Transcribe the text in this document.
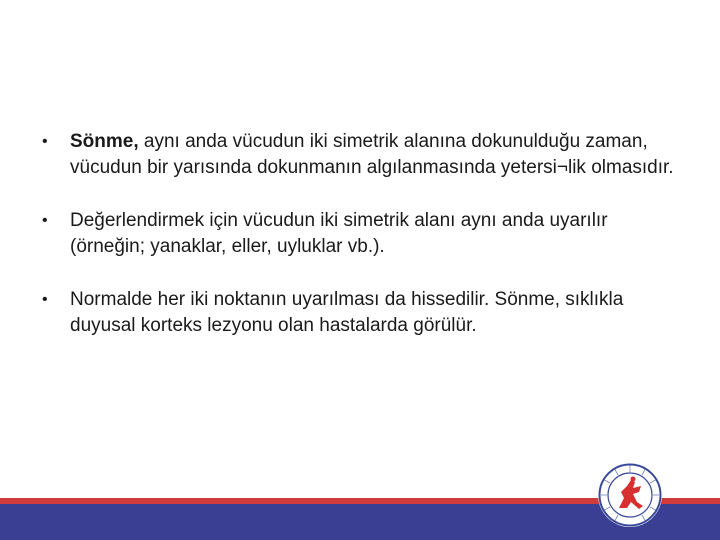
• Sönme, aynı anda vücudun iki simetrik alanına dokunulduğu zaman, vücudun bir yarısında dokunmanın algılanmasında yetersi¬lik olmasıdır.
• Değerlendirmek için vücudun iki simetrik alanı aynı anda uyarılır (örneğin; yanaklar, eller, uyluklar vb.).
• Normalde her iki noktanın uyarılması da hissedilir. Sönme, sıklıkla duyusal korteks lezyonu olan hastalarda görülür.
